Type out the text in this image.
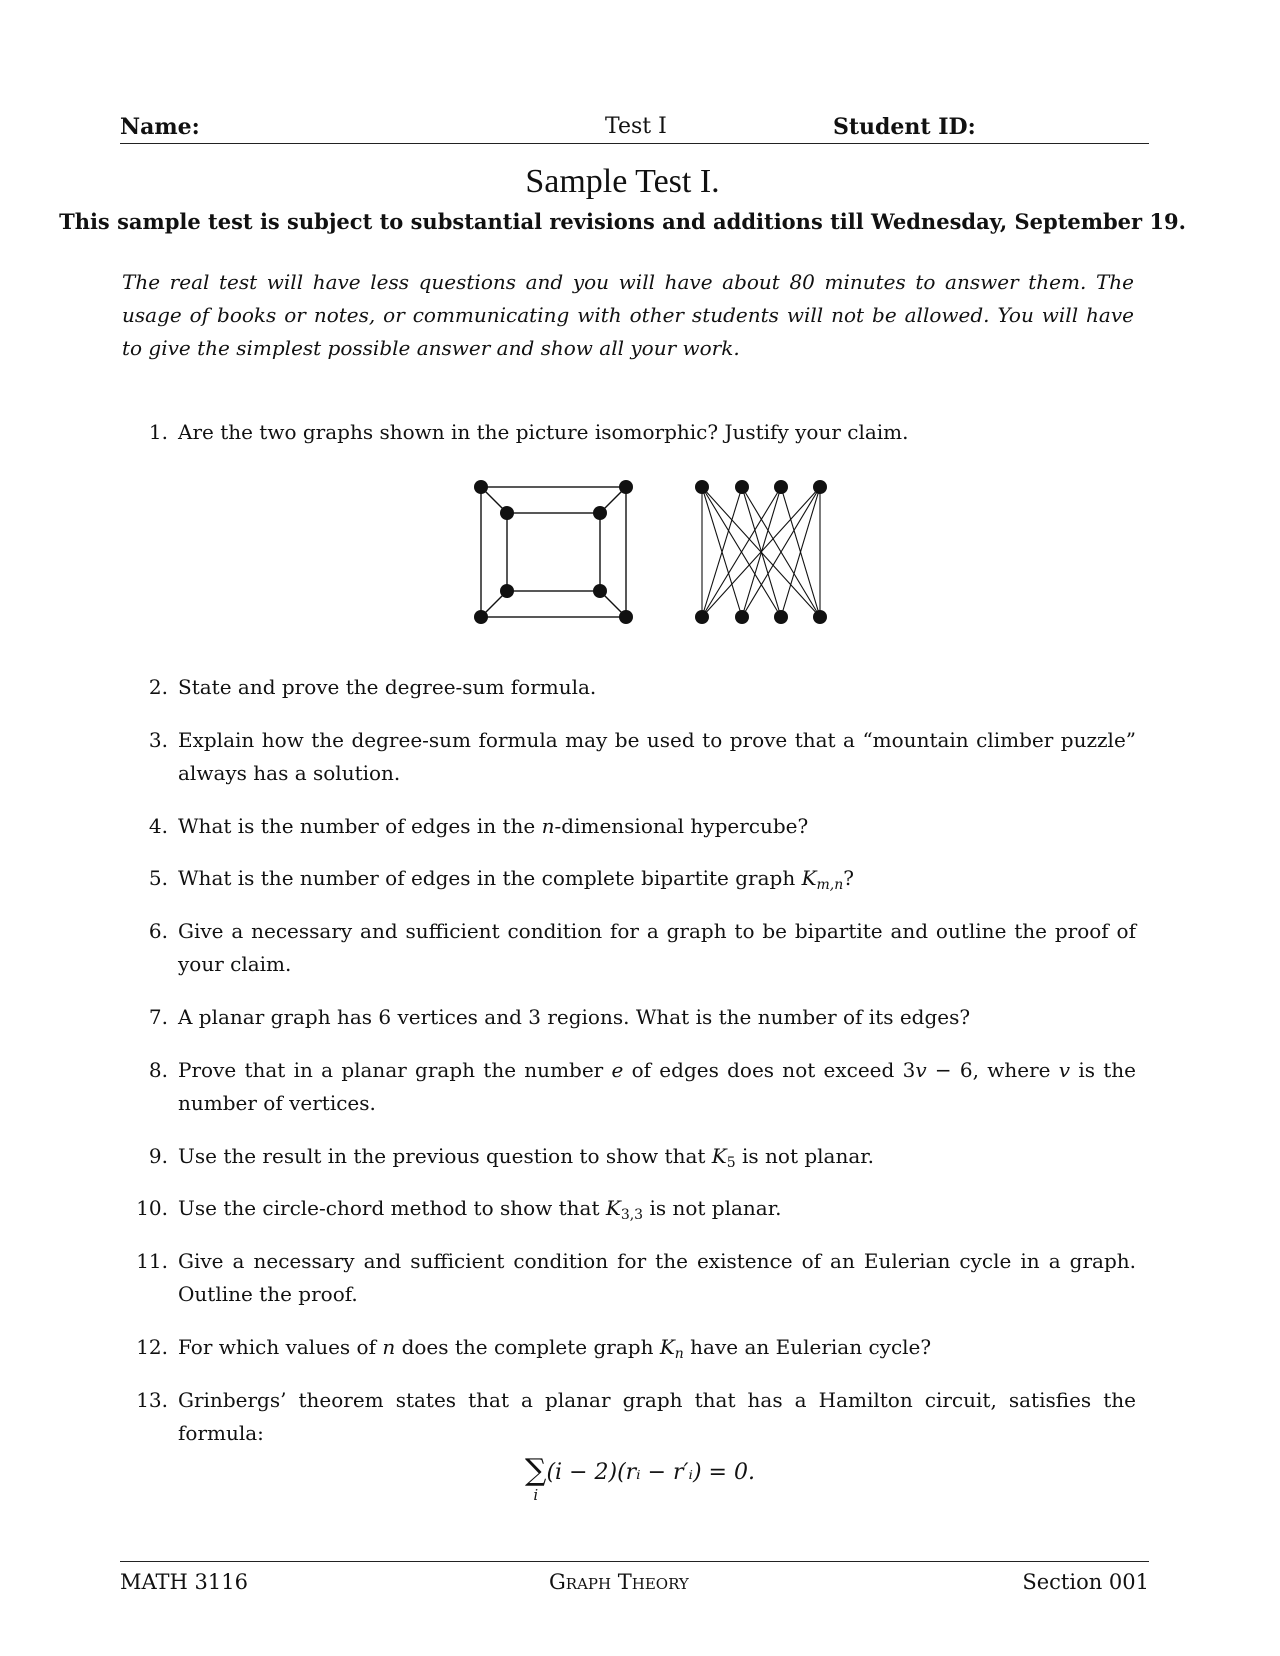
Name:	Test I	Student ID:
Sample Test I.
This sample test is subject to substantial revisions and additions till Wednesday, September 19.
The real test will have less questions and you will have about 80 minutes to answer them. The usage of books or notes, or communicating with other students will not be allowed. You will have to give the simplest possible answer and show all your work.
1. Are the two graphs shown in the picture isomorphic? Justify your claim.
2. State and prove the degree-sum formula.
3. Explain how the degree-sum formula may be used to prove that a “mountain climber puzzle” always has a solution.
4. What is the number of edges in the n-dimensional hypercube?
5. What is the number of edges in the complete bipartite graph $K_{m,n}$?
6. Give a necessary and sufficient condition for a graph to be bipartite and outline the proof of your claim.
7. A planar graph has 6 vertices and 3 regions. What is the number of its edges?
8. Prove that in a planar graph the number e of edges does not exceed 3v − 6, where v is the number of vertices.
9. Use the result in the previous question to show that $K_5$ is not planar.
10. Use the circle-chord method to show that $K_{3,3}$ is not planar.
11. Give a necessary and sufficient condition for the existence of an Eulerian cycle in a graph. Outline the proof.
12. For which values of n does the complete graph $K_n$ have an Eulerian cycle?
13. Grinbergs’ theorem states that a planar graph that has a Hamilton circuit, satisfies the formula:
∑
i
(i − 2)(rᵢ − r′ᵢ) = 0.
MATH 3116	Graph Theory	Section 001
